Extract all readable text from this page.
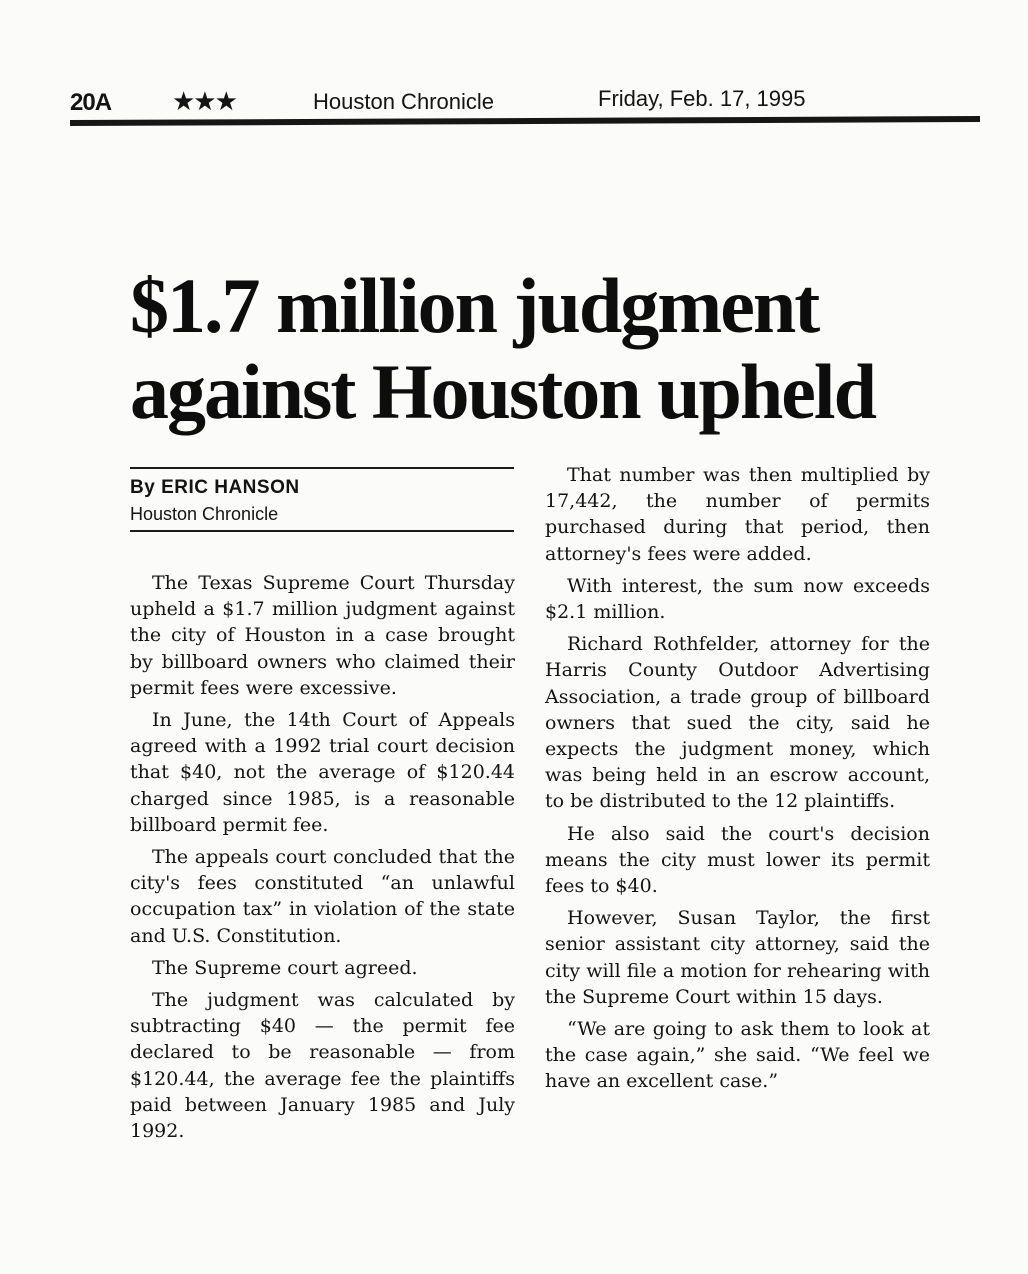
20A ★★★	Houston Chronicle	Friday, Feb. 17, 1995
$1.7 million judgment against Houston upheld
By ERIC HANSON
Houston Chronicle

The Texas Supreme Court Thursday upheld a $1.7 million judgment against the city of Houston in a case brought by billboard owners who claimed their permit fees were excessive.

In June, the 14th Court of Appeals agreed with a 1992 trial court decision that $40, not the average of $120.44 charged since 1985, is a reasonable billboard permit fee.

The appeals court concluded that the city's fees constituted “an unlawful occupation tax” in violation of the state and U.S. Constitution.

The Supreme court agreed.

The judgment was calculated by subtracting $40 — the permit fee declared to be reasonable — from $120.44, the average fee the plaintiffs paid between January 1985 and July 1992.

That number was then multiplied by 17,442, the number of permits purchased during that period, then attorney's fees were added.

With interest, the sum now exceeds $2.1 million.

Richard Rothfelder, attorney for the Harris County Outdoor Advertising Association, a trade group of billboard owners that sued the city, said he expects the judgment money, which was being held in an escrow account, to be distributed to the 12 plaintiffs.

He also said the court's decision means the city must lower its permit fees to $40.

However, Susan Taylor, the first senior assistant city attorney, said the city will file a motion for rehearing with the Supreme Court within 15 days.

“We are going to ask them to look at the case again,” she said. “We feel we have an excellent case.”
